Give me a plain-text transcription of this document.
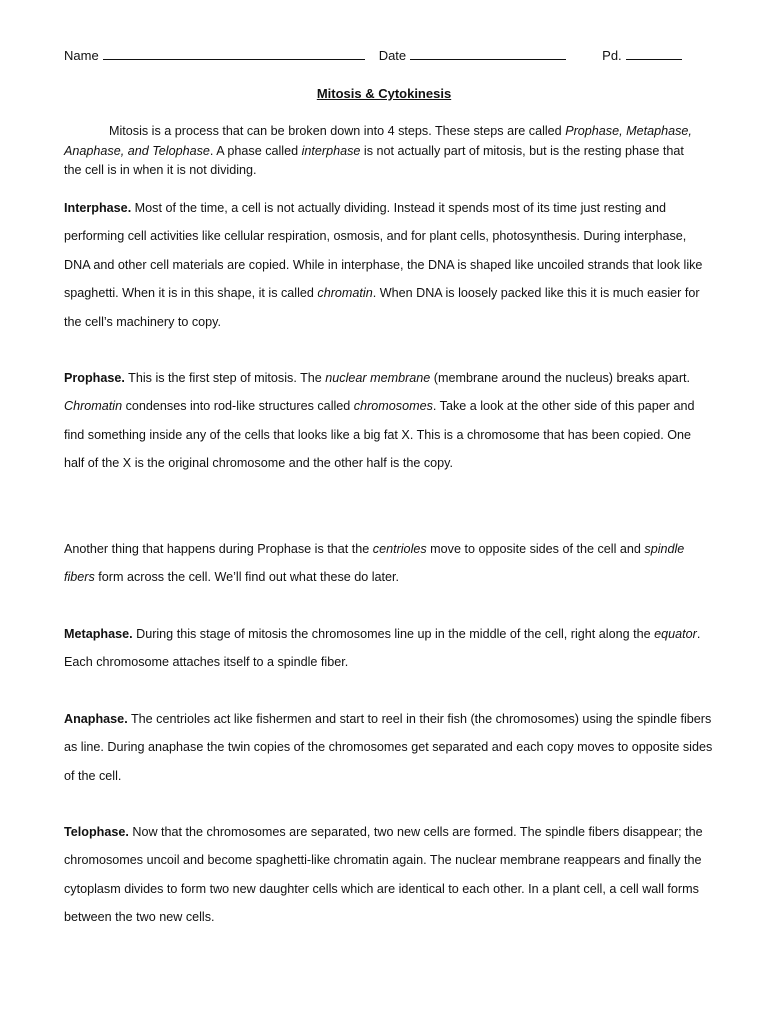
Name	Date	Pd.
Mitosis & Cytokinesis

Mitosis is a process that can be broken down into 4 steps. These steps are called Prophase, Metaphase, Anaphase, and Telophase. A phase called interphase is not actually part of mitosis, but is the resting phase that the cell is in when it is not dividing.

Interphase. Most of the time, a cell is not actually dividing. Instead it spends most of its time just resting and performing cell activities like cellular respiration, osmosis, and for plant cells, photosynthesis. During interphase, DNA and other cell materials are copied. While in interphase, the DNA is shaped like uncoiled strands that look like spaghetti. When it is in this shape, it is called chromatin. When DNA is loosely packed like this it is much easier for the cell’s machinery to copy.

Prophase. This is the first step of mitosis. The nuclear membrane (membrane around the nucleus) breaks apart. Chromatin condenses into rod-like structures called chromosomes. Take a look at the other side of this paper and find something inside any of the cells that looks like a big fat X. This is a chromosome that has been copied. One half of the X is the original chromosome and the other half is the copy.

Another thing that happens during Prophase is that the centrioles move to opposite sides of the cell and spindle fibers form across the cell. We’ll find out what these do later.

Metaphase. During this stage of mitosis the chromosomes line up in the middle of the cell, right along the equator. Each chromosome attaches itself to a spindle fiber.

Anaphase. The centrioles act like fishermen and start to reel in their fish (the chromosomes) using the spindle fibers as line. During anaphase the twin copies of the chromosomes get separated and each copy moves to opposite sides of the cell.

Telophase. Now that the chromosomes are separated, two new cells are formed. The spindle fibers disappear; the chromosomes uncoil and become spaghetti-like chromatin again. The nuclear membrane reappears and finally the cytoplasm divides to form two new daughter cells which are identical to each other. In a plant cell, a cell wall forms between the two new cells.
